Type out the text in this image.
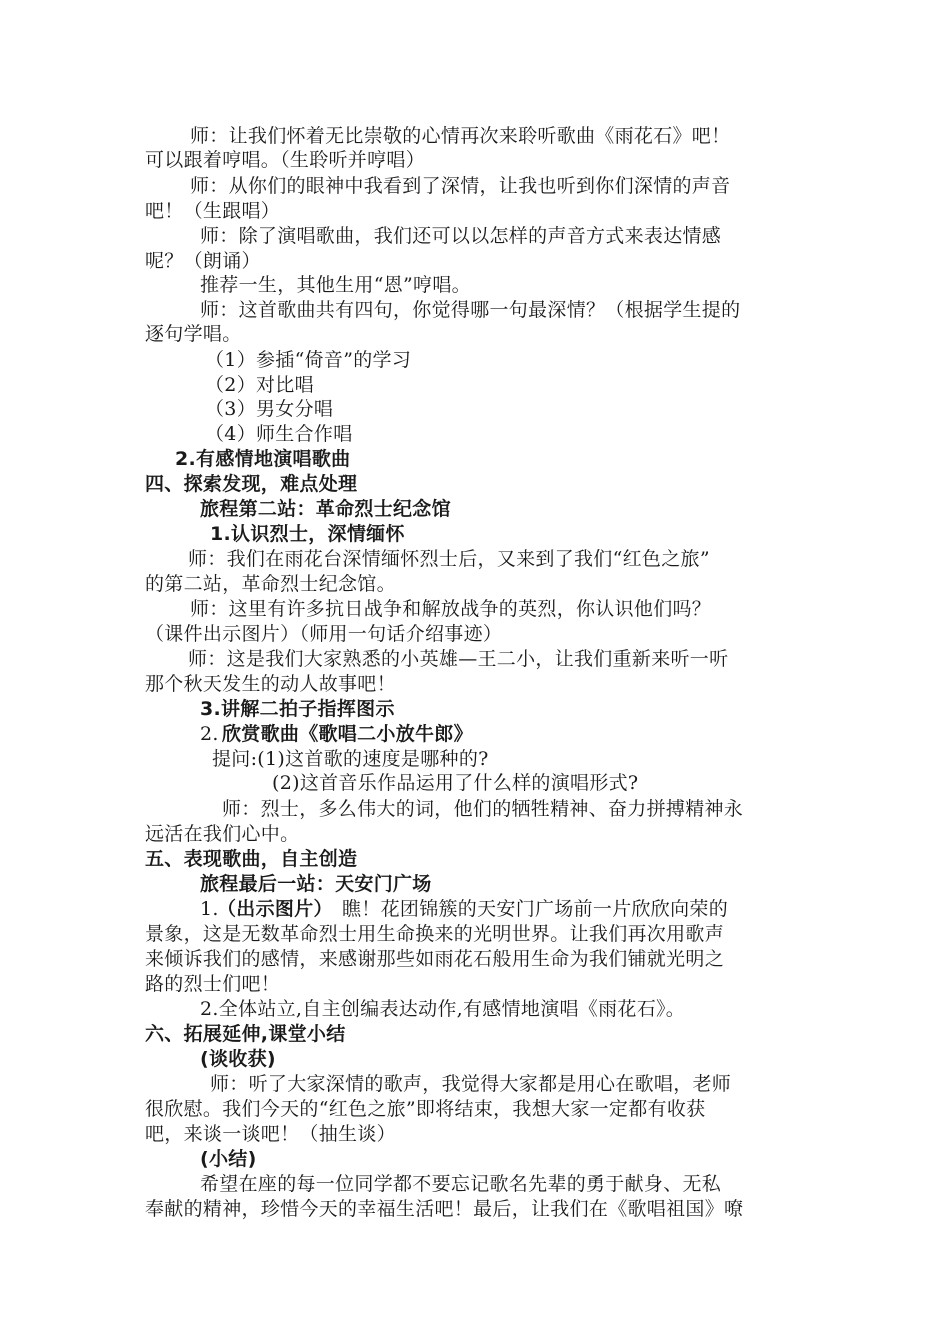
师：让我们怀着无比崇敬的心情再次来聆听歌曲《雨花石》吧！
可以跟着哼唱。（生聆听并哼唱）
师：从你们的眼神中我看到了深情，让我也听到你们深情的声音
吧！（生跟唱）
师：除了演唱歌曲，我们还可以以怎样的声音方式来表达情感
呢？（朗诵）
推荐一生，其他生用“恩”哼唱。
师：这首歌曲共有四句，你觉得哪一句最深情？（根据学生提的
逐句学唱。
（1）参插“倚音”的学习
（2）对比唱
（3）男女分唱
（4）师生合作唱
2.有感情地演唱歌曲
四、探索发现，难点处理
旅程第二站：革命烈士纪念馆
1.认识烈士，深情缅怀
师：我们在雨花台深情缅怀烈士后，又来到了我们“红色之旅”
的第二站，革命烈士纪念馆。
师：这里有许多抗日战争和解放战争的英烈，你认识他们吗？
（课件出示图片）（师用一句话介绍事迹）
师：这是我们大家熟悉的小英雄—王二小，让我们重新来听一听
那个秋天发生的动人故事吧！
3.讲解二拍子指挥图示
2. 欣赏歌曲《歌唱二小放牛郎》
提问:(1)这首歌的速度是哪种的?
(2)这首音乐作品运用了什么样的演唱形式?
师：烈士，多么伟大的词，他们的牺牲精神、奋力拼搏精神永
远活在我们心中。
五、表现歌曲，自主创造
旅程最后一站：天安门广场
1.
（出示图片） 瞧！花团锦簇的天安门广场前一片欣欣向荣的
景象，这是无数革命烈士用生命换来的光明世界。让我们再次用歌声
来倾诉我们的感情，来感谢那些如雨花石般用生命为我们铺就光明之
路的烈士们吧！
2.全体站立,自主创编表达动作,有感情地演唱《雨花石》。
六、拓展延伸,课堂小结
(谈收获)
师：听了大家深情的歌声，我觉得大家都是用心在歌唱，老师
很欣慰。我们今天的“红色之旅”即将结束，我想大家一定都有收获
吧，来谈一谈吧！（抽生谈）
(小结)
希望在座的每一位同学都不要忘记歌名先辈的勇于献身、无私
奉献的精神，珍惜今天的幸福生活吧！最后，让我们在《歌唱祖国》嘹
